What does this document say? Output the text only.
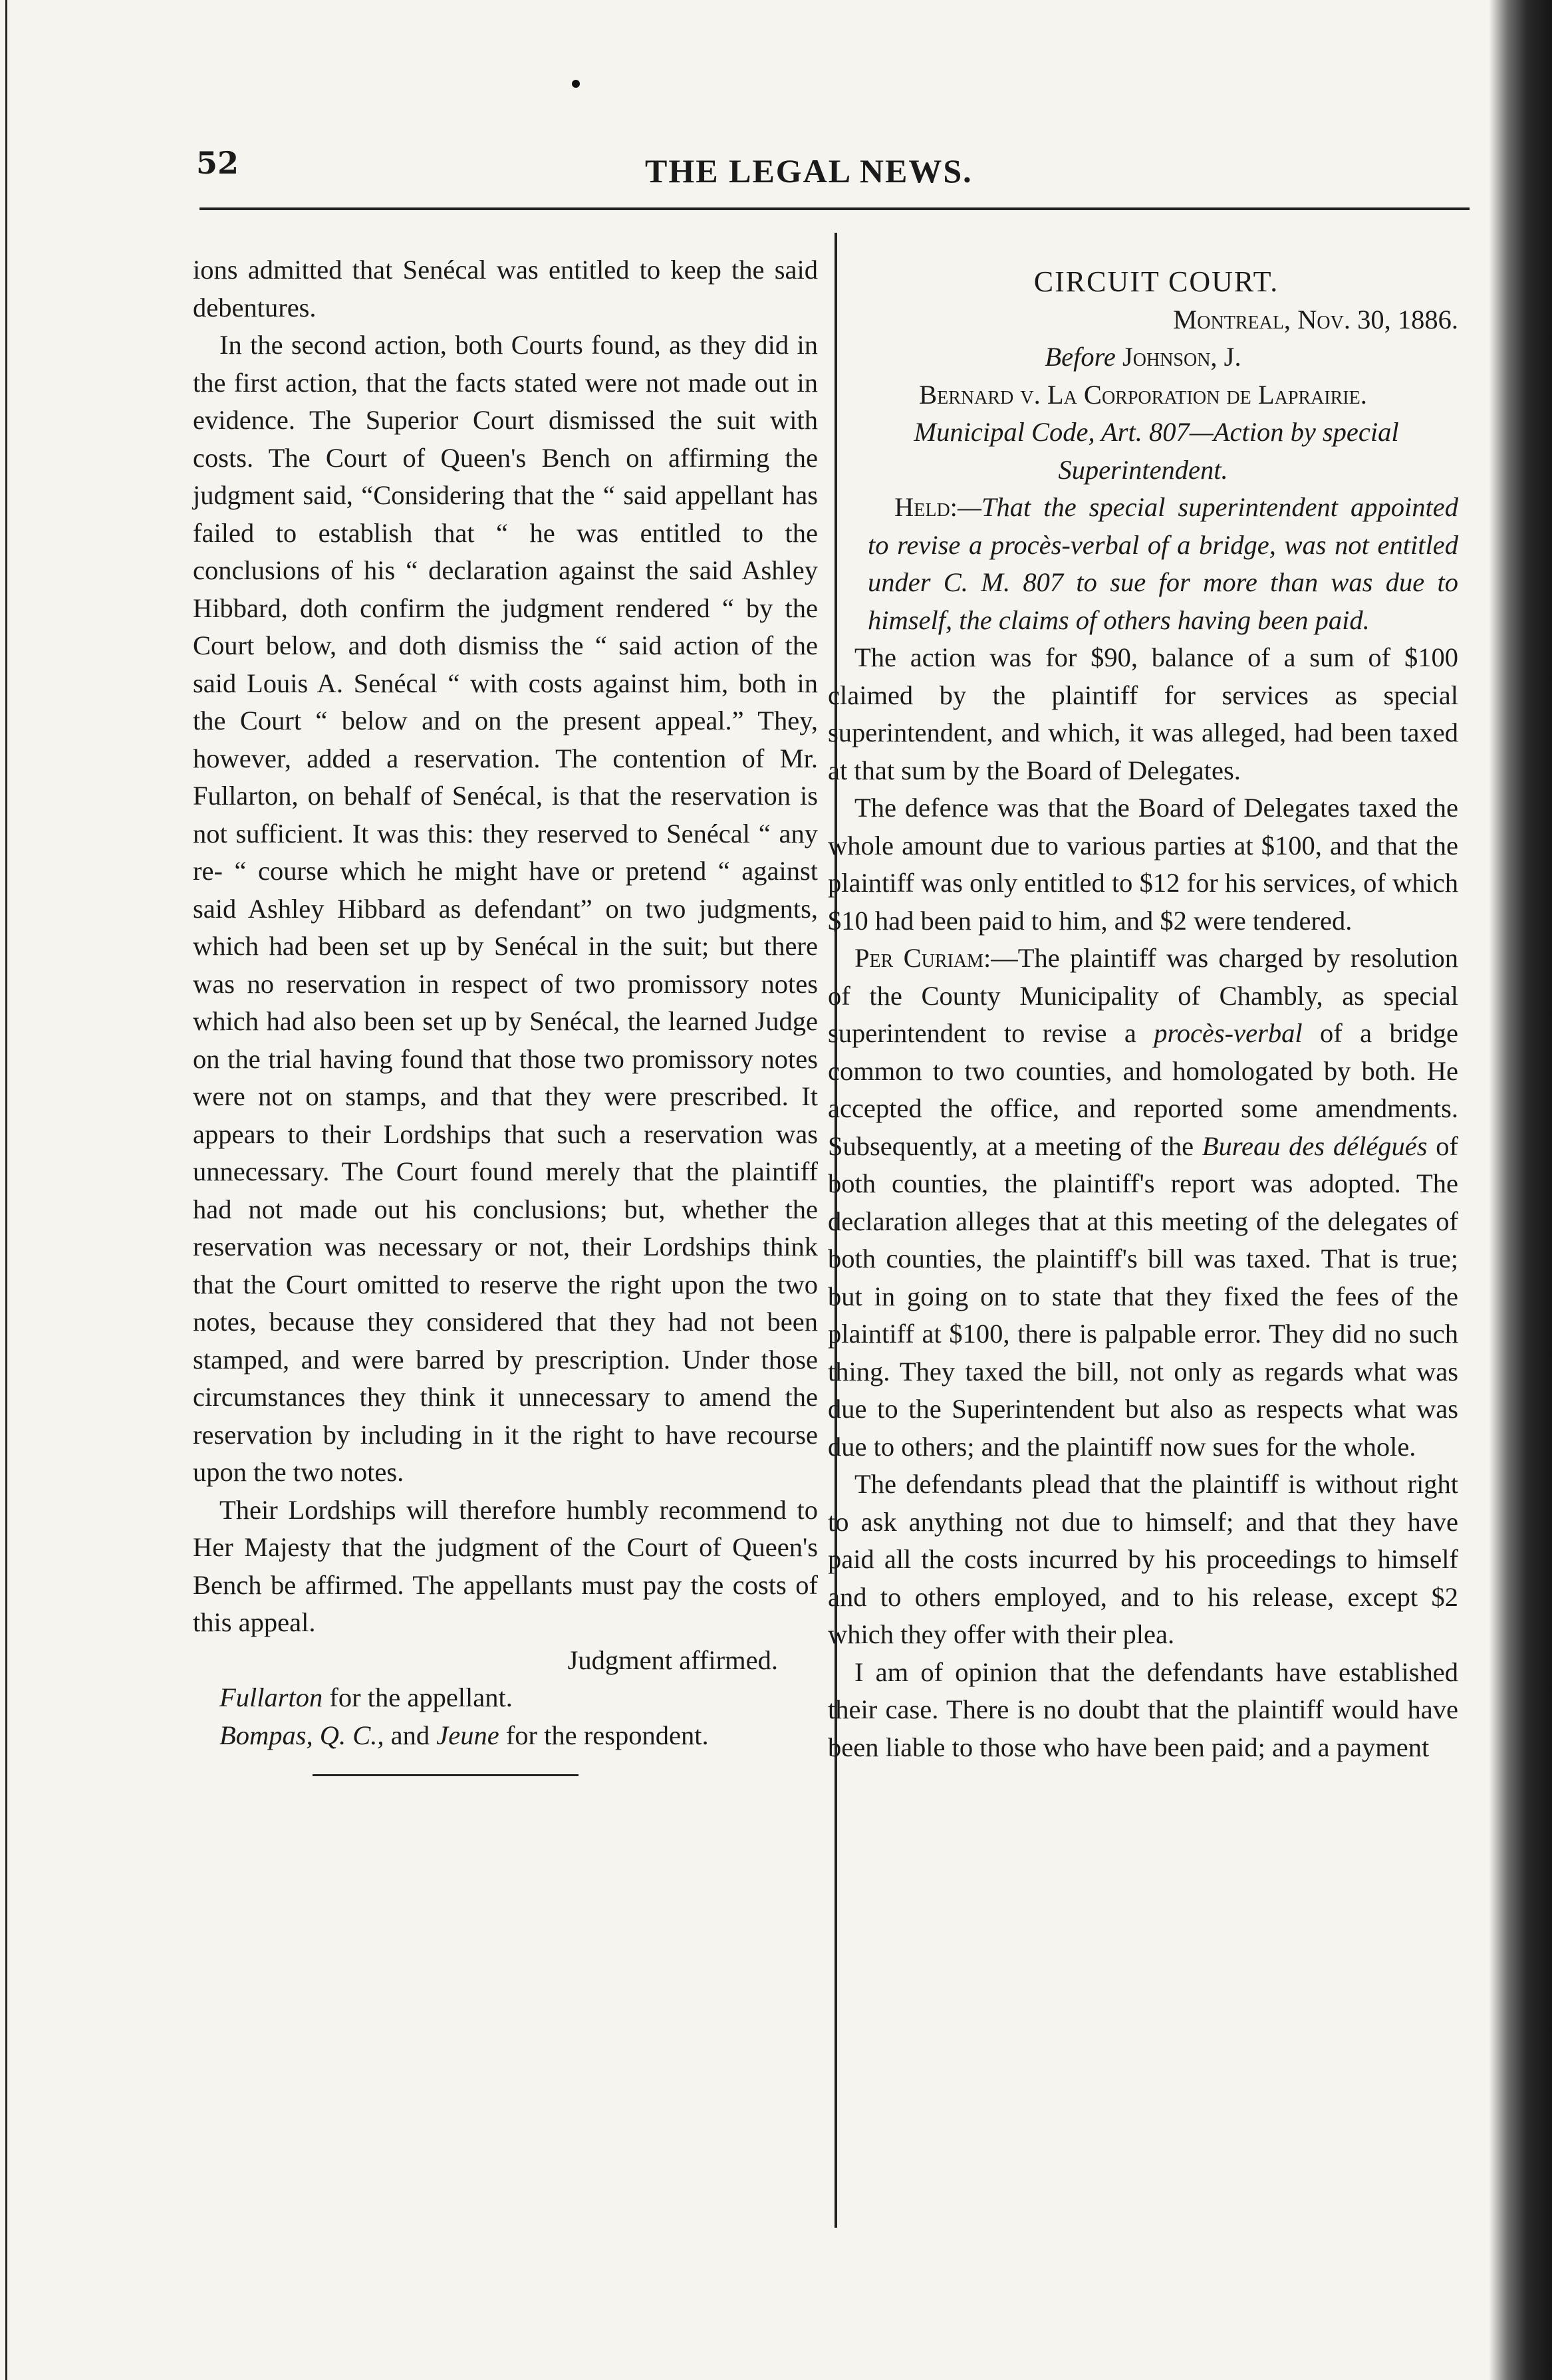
52	THE LEGAL NEWS.

ions admitted that Senécal was entitled to keep the said debentures.

In the second action, both Courts found, as they did in the first action, that the facts stated were not made out in evidence. The Superior Court dismissed the suit with costs. The Court of Queen's Bench on affirming the judgment said, “Considering that the “ said appellant has failed to establish that “ he was entitled to the conclusions of his “ declaration against the said Ashley Hibbard, doth confirm the judgment rendered “ by the Court below, and doth dismiss the “ said action of the said Louis A. Senécal “ with costs against him, both in the Court “ below and on the present appeal.” They, however, added a reservation. The contention of Mr. Fullarton, on behalf of Senécal, is that the reservation is not sufficient. It was this: they reserved to Senécal “ any re- “ course which he might have or pretend “ against said Ashley Hibbard as defendant” on two judgments, which had been set up by Senécal in the suit; but there was no reservation in respect of two promissory notes which had also been set up by Senécal, the learned Judge on the trial having found that those two promissory notes were not on stamps, and that they were prescribed. It appears to their Lordships that such a reservation was unnecessary. The Court found merely that the plaintiff had not made out his conclusions; but, whether the reservation was necessary or not, their Lordships think that the Court omitted to reserve the right upon the two notes, because they considered that they had not been stamped, and were barred by prescription. Under those circumstances they think it unnecessary to amend the reservation by including in it the right to have recourse upon the two notes.

Their Lordships will therefore humbly recommend to Her Majesty that the judgment of the Court of Queen's Bench be affirmed. The appellants must pay the costs of this appeal.

Judgment affirmed.

Fullarton for the appellant.

Bompas, Q. C., and Jeune for the respondent.

CIRCUIT COURT.

Montreal, Nov. 30, 1886.

Before Johnson, J.

Bernard v. La Corporation de Laprairie.

Municipal Code, Art. 807—Action by special Superintendent.

Held:—That the special superintendent appointed to revise a procès-verbal of a bridge, was not entitled under C. M. 807 to sue for more than was due to himself, the claims of others having been paid.

The action was for $90, balance of a sum of $100 claimed by the plaintiff for services as special superintendent, and which, it was alleged, had been taxed at that sum by the Board of Delegates.

The defence was that the Board of Delegates taxed the whole amount due to various parties at $100, and that the plaintiff was only entitled to $12 for his services, of which $10 had been paid to him, and $2 were tendered.

Per Curiam:—The plaintiff was charged by resolution of the County Municipality of Chambly, as special superintendent to revise a procès-verbal of a bridge common to two counties, and homologated by both. He accepted the office, and reported some amendments. Subsequently, at a meeting of the Bureau des délégués of both counties, the plaintiff's report was adopted. The declaration alleges that at this meeting of the delegates of both counties, the plaintiff's bill was taxed. That is true; but in going on to state that they fixed the fees of the plaintiff at $100, there is palpable error. They did no such thing. They taxed the bill, not only as regards what was due to the Superintendent but also as respects what was due to others; and the plaintiff now sues for the whole.

The defendants plead that the plaintiff is without right to ask anything not due to himself; and that they have paid all the costs incurred by his proceedings to himself and to others employed, and to his release, except $2 which they offer with their plea.

I am of opinion that the defendants have established their case. There is no doubt that the plaintiff would have been liable to those who have been paid; and a payment
